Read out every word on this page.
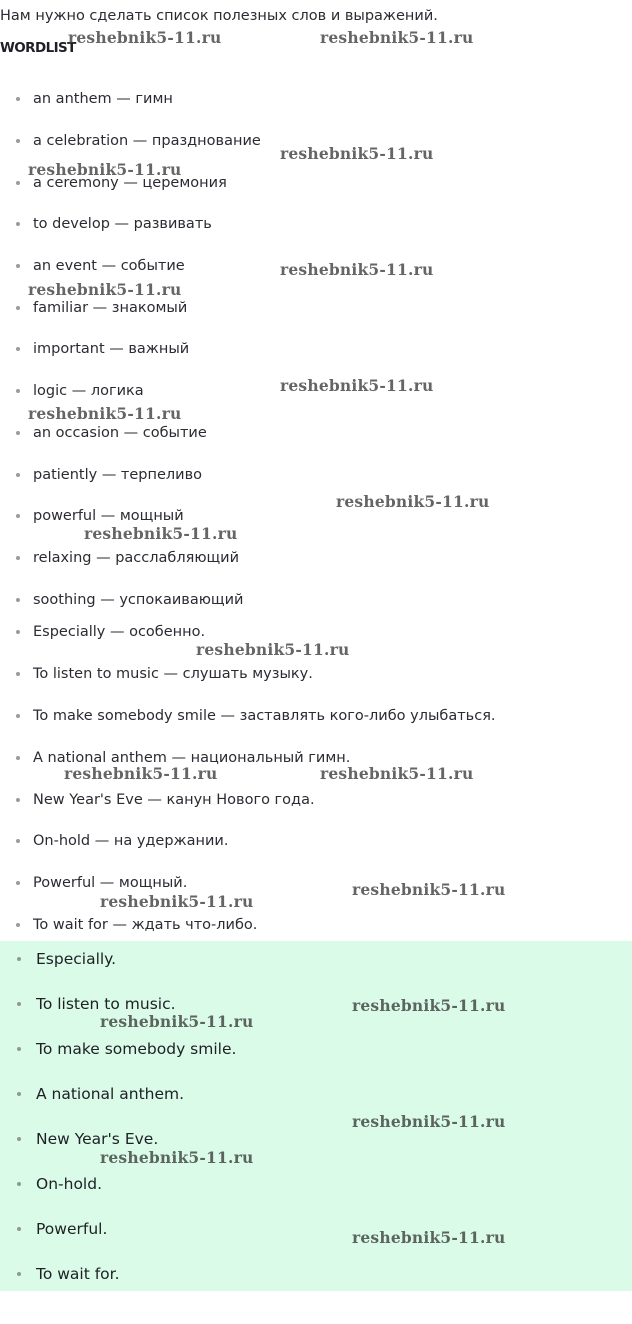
Нам нужно сделать список полезных слов и выражений.
WORDLIST
an anthem — гимн
a celebration — празднование
a ceremony — церемония
to develop — развивать
an event — событие
familiar — знакомый
important — важный
logic — логика
an occasion — событие
patiently — терпеливо
powerful — мощный
relaxing — расслабляющий
soothing — успокаивающий
Especially — особенно.
To listen to music — слушать музыку.
To make somebody smile — заставлять кого-либо улыбаться.
A national anthem — национальный гимн.
New Year's Eve — канун Нового года.
On-hold — на удержании.
Powerful — мощный.
To wait for — ждать что-либо.
Especially.
To listen to music.
To make somebody smile.
A national anthem.
New Year's Eve.
On-hold.
Powerful.
To wait for.
reshebnik5-11.ru	reshebnik5-11.ru
reshebnik5-11.ru
reshebnik5-11.ru
reshebnik5-11.ru
reshebnik5-11.ru
reshebnik5-11.ru
reshebnik5-11.ru
reshebnik5-11.ru
reshebnik5-11.ru
reshebnik5-11.ru
reshebnik5-11.ru	reshebnik5-11.ru
reshebnik5-11.ru
reshebnik5-11.ru
reshebnik5-11.ru
reshebnik5-11.ru
reshebnik5-11.ru
reshebnik5-11.ru
reshebnik5-11.ru
